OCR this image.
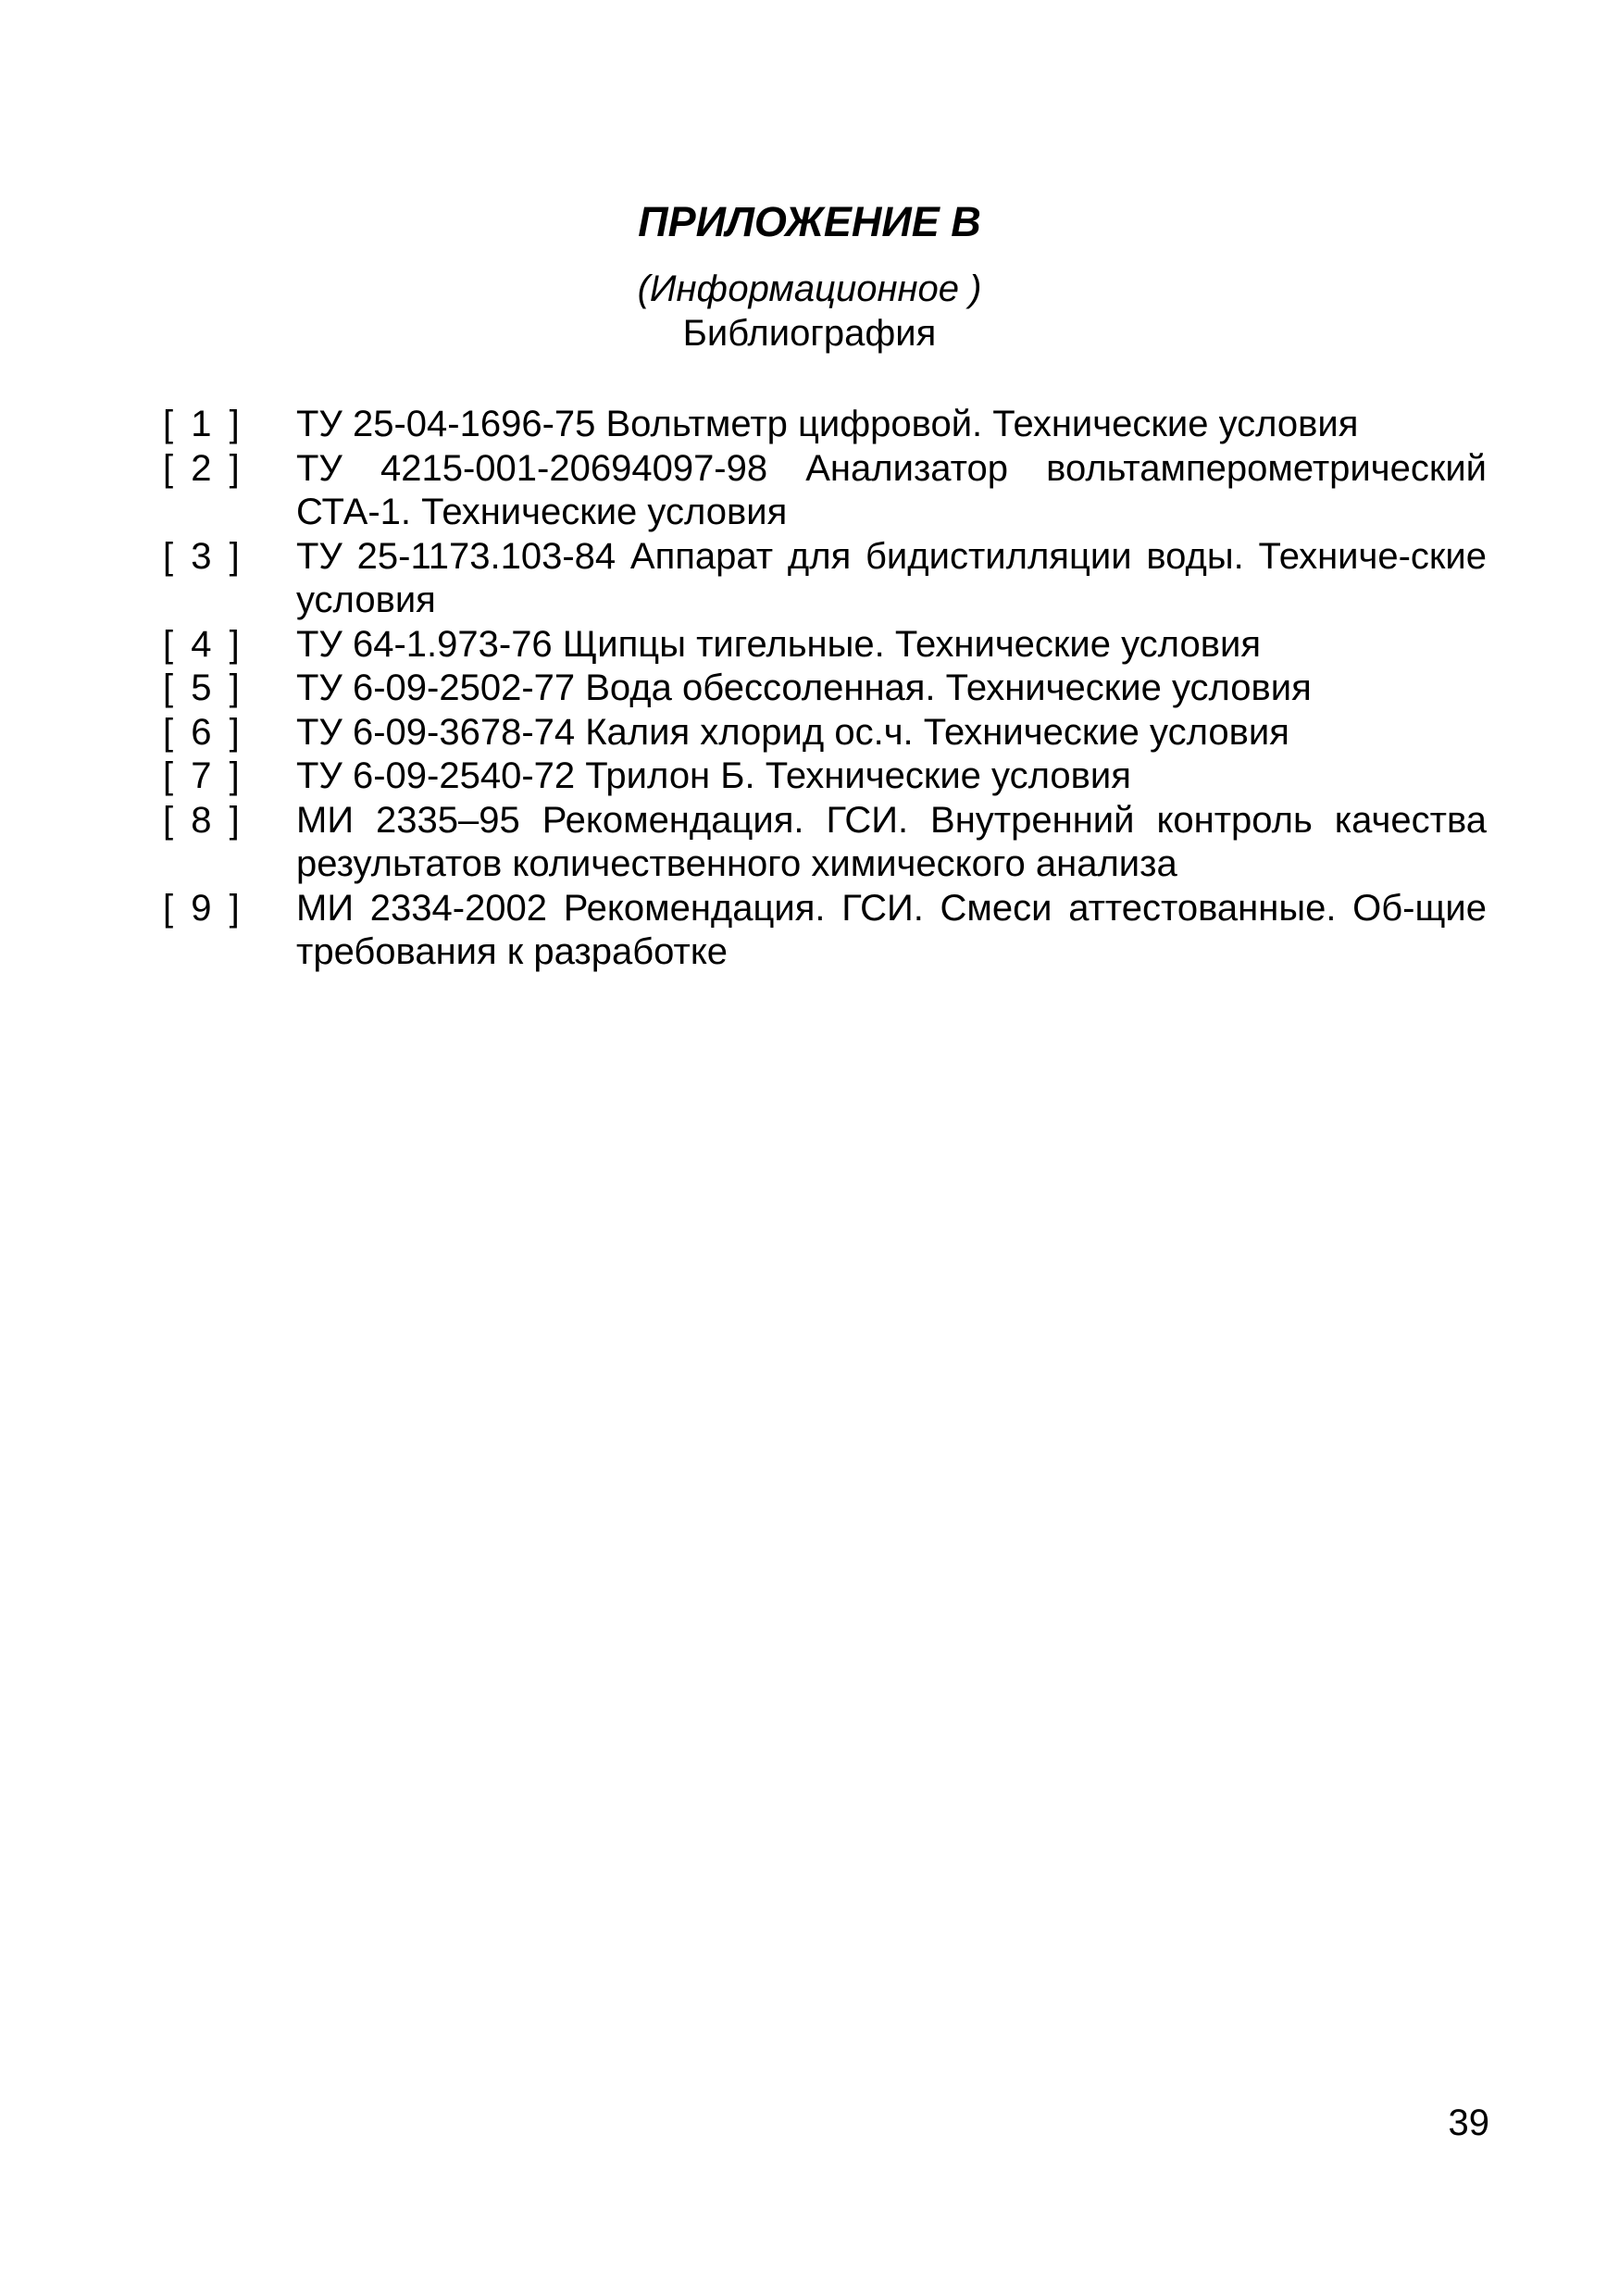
ПРИЛОЖЕНИЕ В
(Информационное )
Библиография
[ 1 ]	ТУ 25-04-1696-75 Вольтметр цифровой. Технические условия
[ 2 ]	ТУ 4215-001-20694097-98 Анализатор вольтамперометрический СТА-1. Технические условия
[ 3 ]	ТУ 25-1173.103-84 Аппарат для бидистилляции воды. Техниче-ские условия
[ 4 ]	ТУ 64-1.973-76 Щипцы тигельные. Технические условия
[ 5 ]	ТУ 6-09-2502-77 Вода обессоленная. Технические условия
[ 6 ]	ТУ 6-09-3678-74 Калия хлорид ос.ч. Технические условия
[ 7 ]	ТУ 6-09-2540-72 Трилон Б. Технические условия
[ 8 ]	МИ 2335–95 Рекомендация. ГСИ. Внутренний контроль качества результатов количественного химического анализа
[ 9 ]	МИ 2334-2002 Рекомендация. ГСИ. Смеси аттестованные. Об-щие требования к разработке
39
